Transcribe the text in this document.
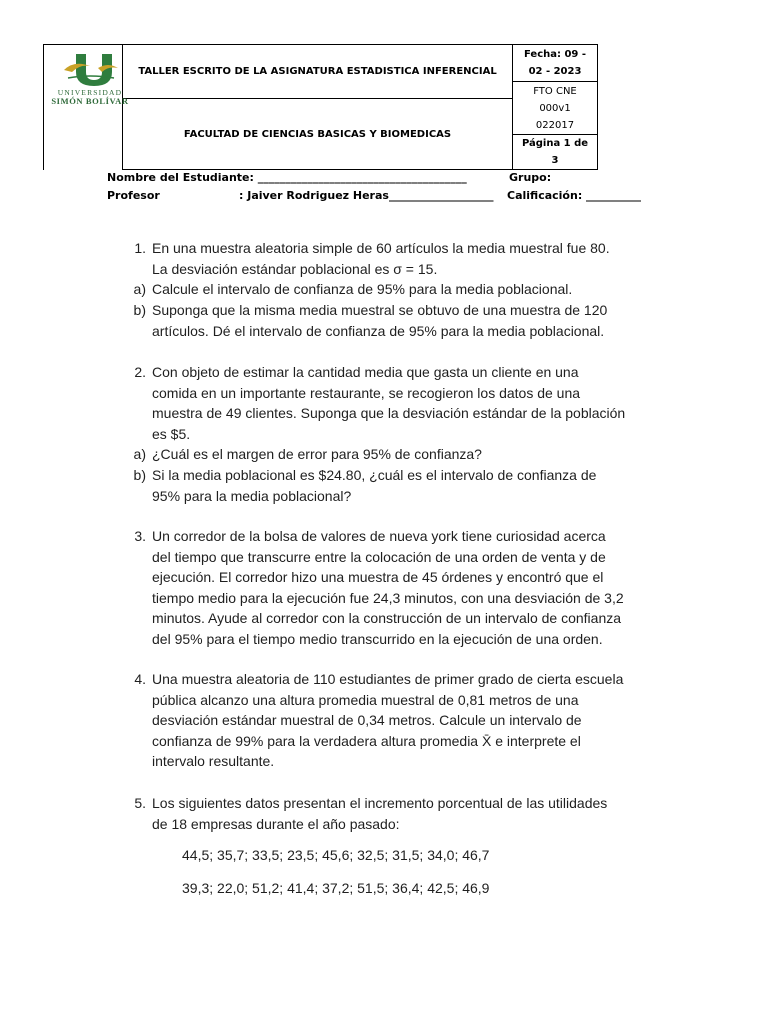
UNIVERSIDAD
SIMÓN BOLÍVAR
TALLER ESCRITO DE LA ASIGNATURA ESTADISTICA INFERENCIAL
FACULTAD DE CIENCIAS BASICAS Y BIOMEDICAS
Fecha: 09 -
02 - 2023
FTO CNE
000v1
022017
Página 1 de
3
Nombre del Estudiante: ______________________________________	Grupo:
Profesor	: Jaiver Rodriguez Heras___________________ Calificación: __________
1. En una muestra aleatoria simple de 60 artículos la media muestral fue 80.
La desviación estándar poblacional es σ = 15.
a) Calcule el intervalo de confianza de 95% para la media poblacional.
b) Suponga que la misma media muestral se obtuvo de una muestra de 120
artículos. Dé el intervalo de confianza de 95% para la media poblacional.
2. Con objeto de estimar la cantidad media que gasta un cliente en una
comida en un importante restaurante, se recogieron los datos de una
muestra de 49 clientes. Suponga que la desviación estándar de la población
es $5.
a) ¿Cuál es el margen de error para 95% de confianza?
b) Si la media poblacional es $24.80, ¿cuál es el intervalo de confianza de
95% para la media poblacional?
3. Un corredor de la bolsa de valores de nueva york tiene curiosidad acerca
del tiempo que transcurre entre la colocación de una orden de venta y de
ejecución. El corredor hizo una muestra de 45 órdenes y encontró que el
tiempo medio para la ejecución fue 24,3 minutos, con una desviación de 3,2
minutos. Ayude al corredor con la construcción de un intervalo de confianza
del 95% para el tiempo medio transcurrido en la ejecución de una orden.
4. Una muestra aleatoria de 110 estudiantes de primer grado de cierta escuela
pública alcanzo una altura promedia muestral de 0,81 metros de una
desviación estándar muestral de 0,34 metros. Calcule un intervalo de
confianza de 99% para la verdadera altura promedia X̄ e interprete el
intervalo resultante.
5. Los siguientes datos presentan el incremento porcentual de las utilidades
de 18 empresas durante el año pasado:
44,5; 35,7; 33,5; 23,5; 45,6; 32,5; 31,5; 34,0; 46,7
39,3; 22,0; 51,2; 41,4; 37,2; 51,5; 36,4; 42,5; 46,9
